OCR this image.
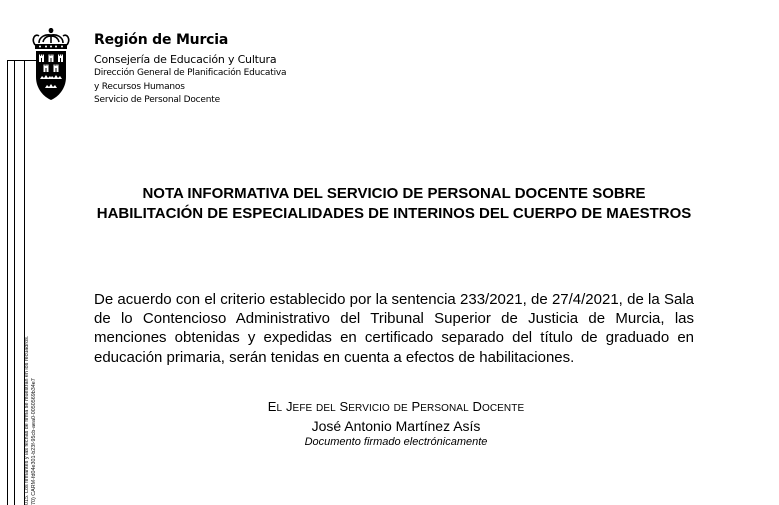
015. Los firmantes y las fechas de firma se muestran en los recuadros. 70) CARM-fd04e301-b23f-95cb-aea0-0050569b34e7
Región de Murcia
Consejería de Educación y Cultura
Dirección General de Planificación Educativa
y Recursos Humanos
Servicio de Personal Docente
NOTA INFORMATIVA DEL SERVICIO DE PERSONAL DOCENTE SOBRE HABILITACIÓN DE ESPECIALIDADES DE INTERINOS DEL CUERPO DE MAESTROS
De acuerdo con el criterio establecido por la sentencia 233/2021, de 27/4/2021, de la Sala de lo Contencioso Administrativo del Tribunal Superior de Justicia de Murcia, las menciones obtenidas y expedidas en certificado separado del título de graduado en educación primaria, serán tenidas en cuenta a efectos de habilitaciones.
EL JEFE DEL SERVICIO DE PERSONAL DOCENTE
José Antonio Martínez Asís
Documento firmado electrónicamente
